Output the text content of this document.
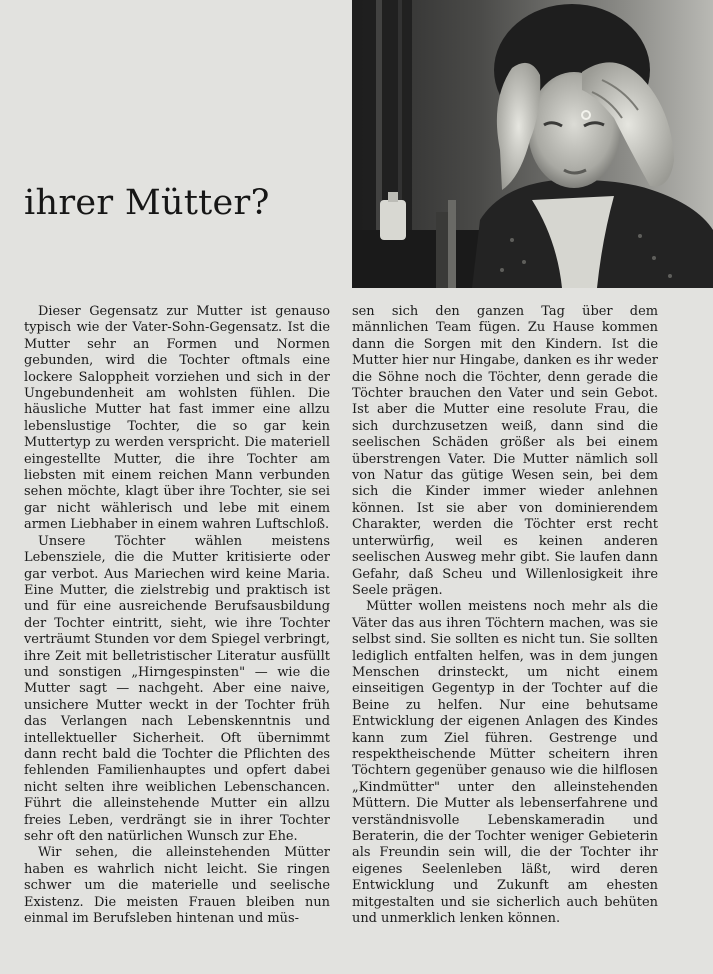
ihrer Mütter?

Dieser Gegensatz zur Mutter ist genauso typisch wie der Vater-Sohn-Gegensatz. Ist die Mutter sehr an Formen und Normen gebunden, wird die Tochter oftmals eine lockere Saloppheit vorziehen und sich in der Ungebundenheit am wohlsten fühlen. Die häusliche Mutter hat fast immer eine allzu lebenslustige Tochter, die so gar kein Muttertyp zu werden verspricht. Die materiell eingestellte Mutter, die ihre Tochter am liebsten mit einem reichen Mann verbunden sehen möchte, klagt über ihre Tochter, sie sei gar nicht wählerisch und lebe mit einem armen Liebhaber in einem wahren Luftschloß.

Unsere Töchter wählen meistens Lebensziele, die die Mutter kritisierte oder gar verbot. Aus Mariechen wird keine Maria. Eine Mutter, die zielstrebig und praktisch ist und für eine ausreichende Berufsausbildung der Tochter eintritt, sieht, wie ihre Tochter verträumt Stunden vor dem Spiegel verbringt, ihre Zeit mit belletristischer Literatur ausfüllt und sonstigen „Hirngespinsten" — wie die Mutter sagt — nachgeht. Aber eine naive, unsichere Mutter weckt in der Tochter früh das Verlangen nach Lebenskenntnis und intellektueller Sicherheit. Oft übernimmt dann recht bald die Tochter die Pflichten des fehlenden Familienhauptes und opfert dabei nicht selten ihre weiblichen Lebenschancen. Führt die alleinstehende Mutter ein allzu freies Leben, verdrängt sie in ihrer Tochter sehr oft den natürlichen Wunsch zur Ehe.

Wir sehen, die alleinstehenden Mütter haben es wahrlich nicht leicht. Sie ringen schwer um die materielle und seelische Existenz. Die meisten Frauen bleiben nun einmal im Berufsleben hintenan und müs-

sen sich den ganzen Tag über dem männlichen Team fügen. Zu Hause kommen dann die Sorgen mit den Kindern. Ist die Mutter hier nur Hingabe, danken es ihr weder die Söhne noch die Töchter, denn gerade die Töchter brauchen den Vater und sein Gebot. Ist aber die Mutter eine resolute Frau, die sich durchzusetzen weiß, dann sind die seelischen Schäden größer als bei einem überstrengen Vater. Die Mutter nämlich soll von Natur das gütige Wesen sein, bei dem sich die Kinder immer wieder anlehnen können. Ist sie aber von dominierendem Charakter, werden die Töchter erst recht unterwürfig, weil es keinen anderen seelischen Ausweg mehr gibt. Sie laufen dann Gefahr, daß Scheu und Willenlosigkeit ihre Seele prägen.

Mütter wollen meistens noch mehr als die Väter das aus ihren Töchtern machen, was sie selbst sind. Sie sollten es nicht tun. Sie sollten lediglich entfalten helfen, was in dem jungen Menschen drinsteckt, um nicht einem einseitigen Gegentyp in der Tochter auf die Beine zu helfen. Nur eine behutsame Entwicklung der eigenen Anlagen des Kindes kann zum Ziel führen. Gestrenge und respektheischende Mütter scheitern ihren Töchtern gegenüber genauso wie die hilflosen „Kindmütter" unter den alleinstehenden Müttern. Die Mutter als lebenserfahrene und verständnisvolle Lebenskameradin und Beraterin, die der Tochter weniger Gebieterin als Freundin sein will, die der Tochter ihr eigenes Seelenleben läßt, wird deren Entwicklung und Zukunft am ehesten mitgestalten und sie sicherlich auch behüten und unmerklich lenken können.
